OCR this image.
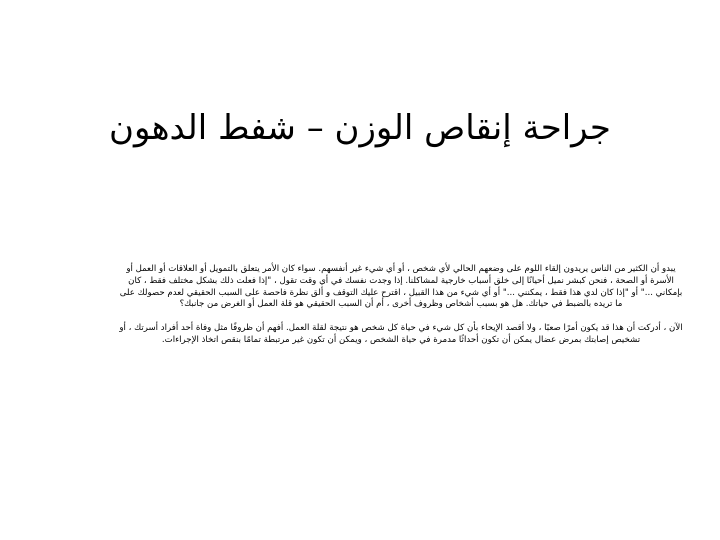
جراحة إنقاص الوزن – شفط الدهون

يبدو أن الكثير من الناس يريدون إلقاء اللوم على وضعهم الحالي لأي شخص ، أو أي شيء غير أنفسهم. سواء كان الأمر يتعلق بالتمويل أو العلاقات أو العمل أو الأسرة أو الصحة ، فنحن كبشر نميل أحيانًا إلى خلق أسباب خارجية لمشاكلنا. إذا وجدت نفسك في أي وقت تقول ، "إذا فعلت ذلك بشكل مختلف فقط ، كان بإمكاني ..." أو "إذا كان لدي هذا فقط ، يمكنني ..." أو أي شيء من هذا القبيل ، اقترح عليك التوقف و ألق نظرة فاحصة على السبب الحقيقي لعدم حصولك على ما تريده بالضبط في حياتك. هل هو بسبب أشخاص وظروف أخرى ، أم أن السبب الحقيقي هو قلة العمل أو الغرض من جانبك؟

الآن ، أدركت أن هذا قد يكون أمرًا صعبًا ، ولا أقصد الإيحاء بأن كل شيء في حياة كل شخص هو نتيجة لقلة العمل. أفهم أن ظروفًا مثل وفاة أحد أفراد أسرتك ، أو تشخيص إصابتك بمرض عضال يمكن أن تكون أحداثًا مدمرة في حياة الشخص ، ويمكن أن تكون غير مرتبطة تمامًا بنقص اتخاذ الإجراءات.
